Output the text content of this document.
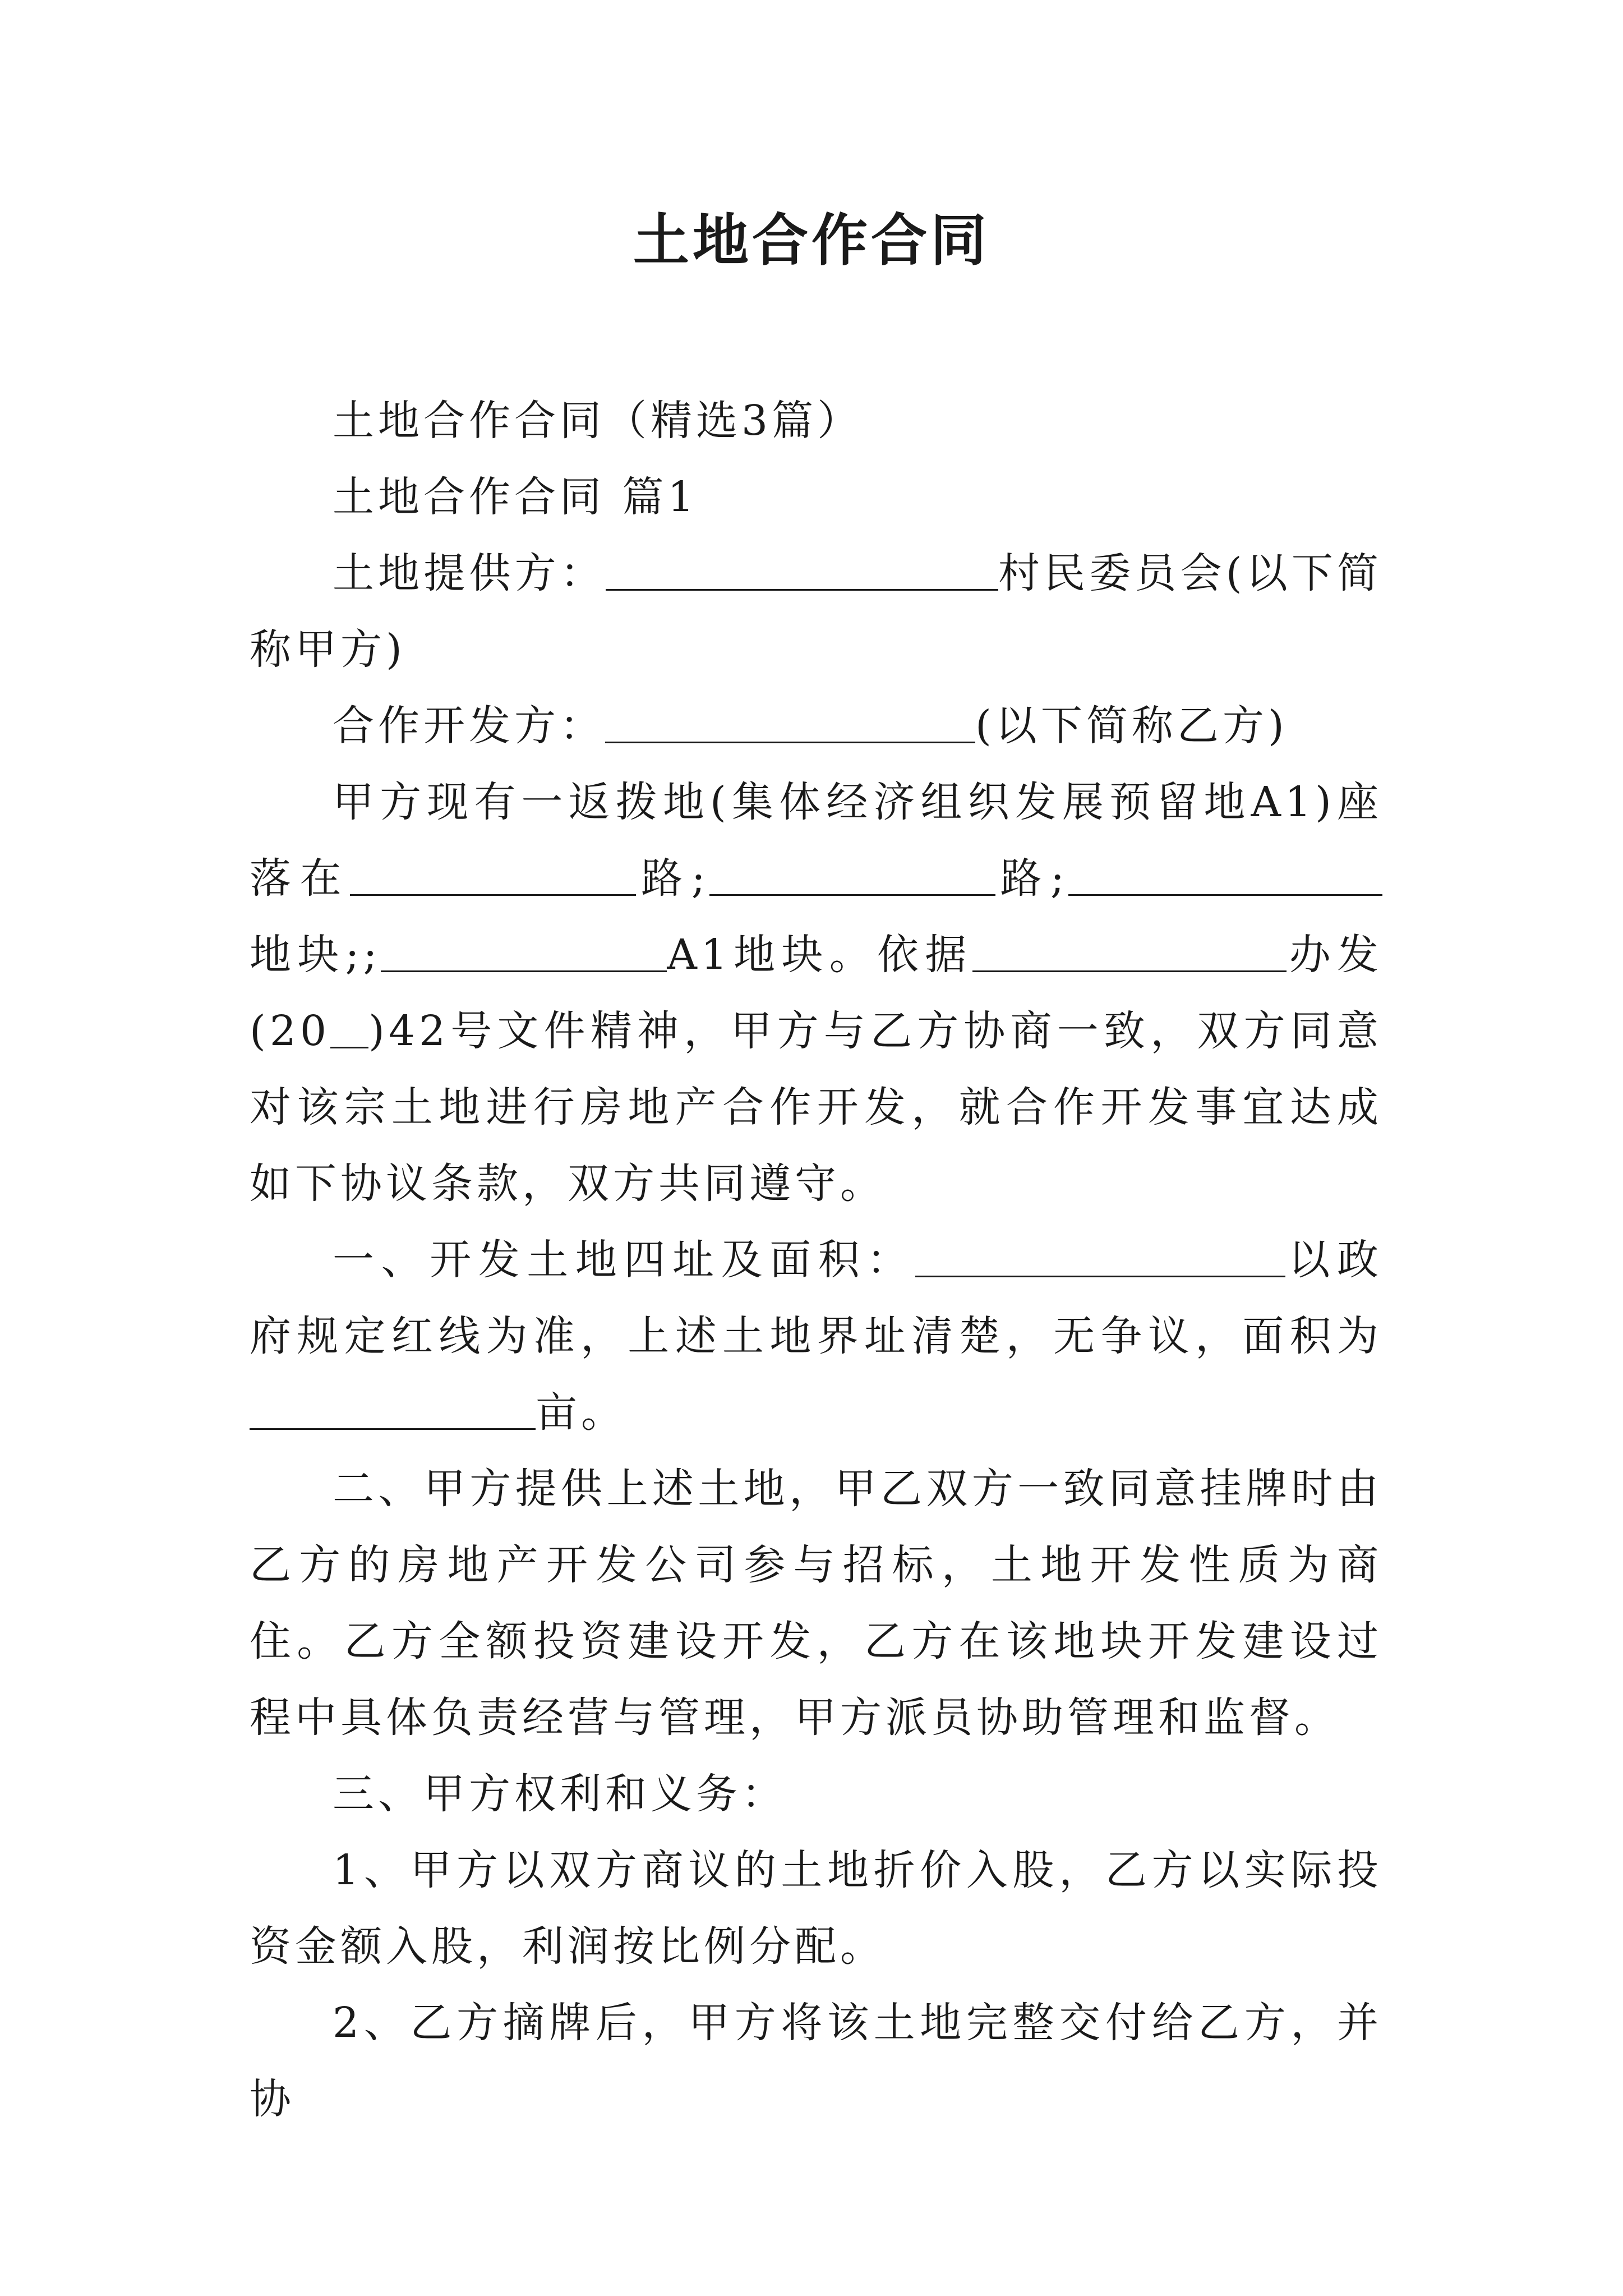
土地合作合同

土地合作合同（精选3篇）

土地合作合同 篇1

土地提供方：	村民委员会(以下简称甲方)

合作开发方：	(以下简称乙方)

甲方现有一返拨地(集体经济组织发展预留地A1)座落在	路;	路;地块;;	A1地块。依据	办发(20 )42号文件精神，甲方与乙方协商一致，双方同意对该宗土地进行房地产合作开发，就合作开发事宜达成如下协议条款，双方共同遵守。

一、开发土地四址及面积：	以政府规定红线为准，上述土地界址清楚，无争议，面积为亩。

二、甲方提供上述土地，甲乙双方一致同意挂牌时由乙方的房地产开发公司参与招标，土地开发性质为商住。乙方全额投资建设开发，乙方在该地块开发建设过程中具体负责经营与管理，甲方派员协助管理和监督。

三、甲方权利和义务：

1、甲方以双方商议的土地折价入股，乙方以实际投资金额入股，利润按比例分配。

2、乙方摘牌后，甲方将该土地完整交付给乙方，并协
